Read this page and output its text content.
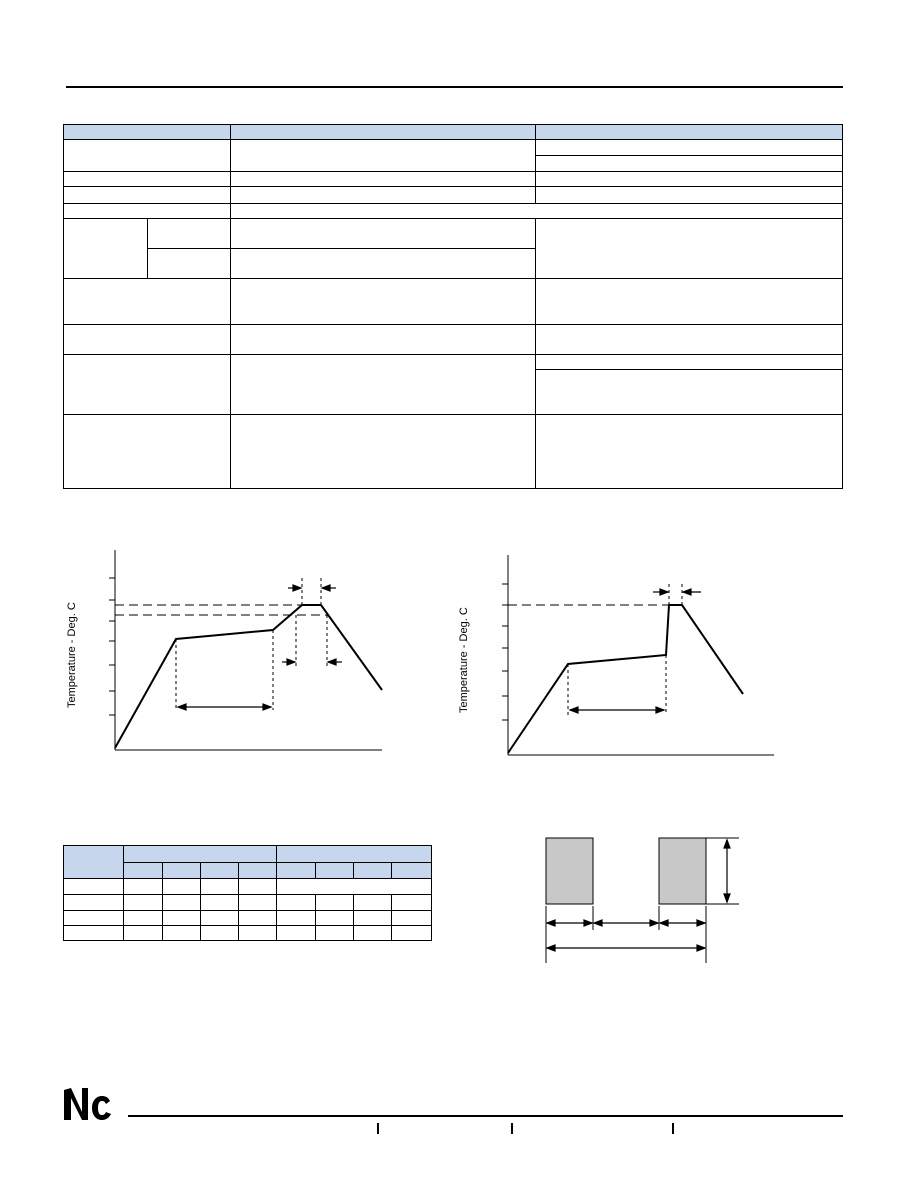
Temperature - Deg. C	Temperature - Deg. C
